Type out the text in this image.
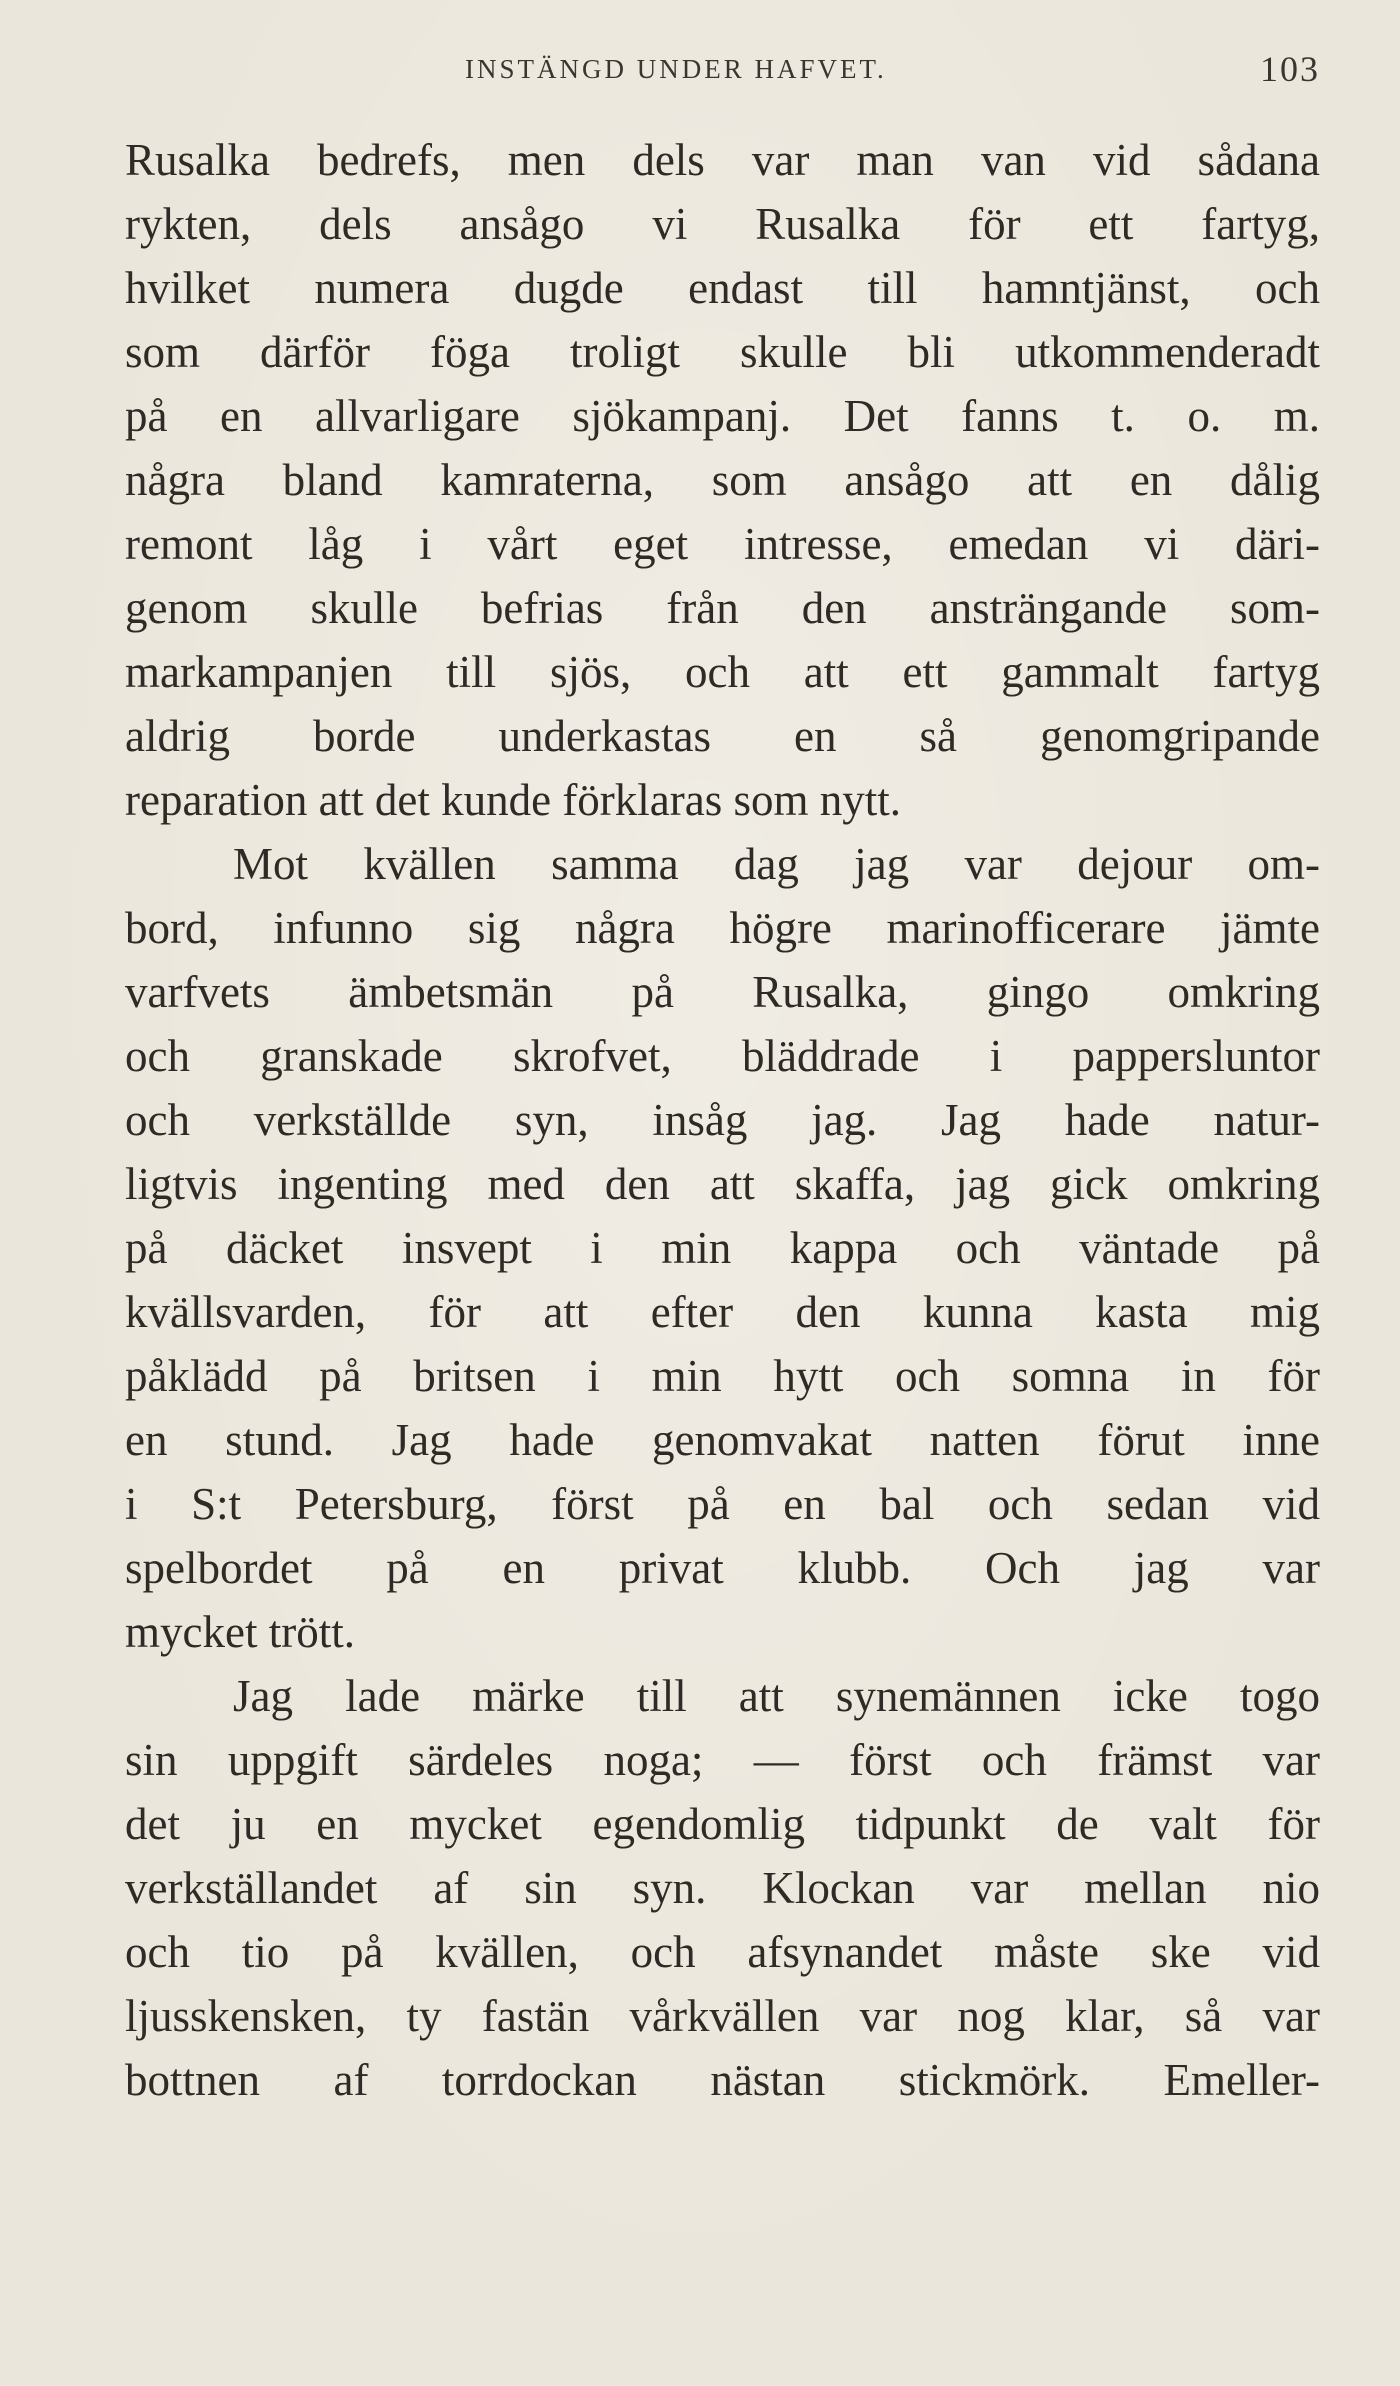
INSTÄNGD UNDER HAFVET.	103
Rusalka bedrefs, men dels var man van vid sådana
rykten, dels ansågo vi Rusalka för ett fartyg,
hvilket numera dugde endast till hamntjänst, och
som därför föga troligt skulle bli utkommenderadt
på en allvarligare sjökampanj. Det fanns t. o. m.
några bland kamraterna, som ansågo att en dålig
remont låg i vårt eget intresse, emedan vi däri-
genom skulle befrias från den ansträngande som-
markampanjen till sjös, och att ett gammalt fartyg
aldrig borde underkastas en så genomgripande
reparation att det kunde förklaras som nytt.
Mot kvällen samma dag jag var dejour om-
bord, infunno sig några högre marinofficerare jämte
varfvets ämbetsmän på Rusalka, gingo omkring
och granskade skrofvet, bläddrade i pappersluntor
och verkställde syn, insåg jag. Jag hade natur-
ligtvis ingenting med den att skaffa, jag gick omkring
på däcket insvept i min kappa och väntade på
kvällsvarden, för att efter den kunna kasta mig
påklädd på britsen i min hytt och somna in för
en stund. Jag hade genomvakat natten förut inne
i S:t Petersburg, först på en bal och sedan vid
spelbordet på en privat klubb. Och jag var
mycket trött.
Jag lade märke till att synemännen icke togo
sin uppgift särdeles noga; — först och främst var
det ju en mycket egendomlig tidpunkt de valt för
verkställandet af sin syn. Klockan var mellan nio
och tio på kvällen, och afsynandet måste ske vid
ljusskensken, ty fastän vårkvällen var nog klar, så var
bottnen af torrdockan nästan stickmörk. Emeller-
